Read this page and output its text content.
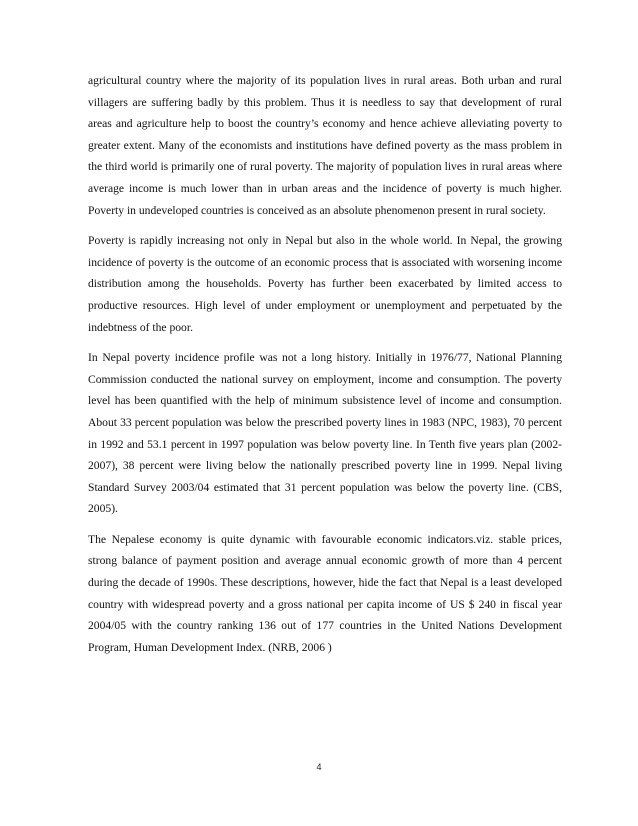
agricultural country where the majority of its population lives in rural areas. Both urban and rural villagers are suffering badly by this problem. Thus it is needless to say that development of rural areas and agriculture help to boost the country’s economy and hence achieve alleviating poverty to greater extent. Many of the economists and institutions have defined poverty as the mass problem in the third world is primarily one of rural poverty. The majority of population lives in rural areas where average income is much lower than in urban areas and the incidence of poverty is much higher. Poverty in undeveloped countries is conceived as an absolute phenomenon present in rural society.

Poverty is rapidly increasing not only in Nepal but also in the whole world. In Nepal, the growing incidence of poverty is the outcome of an economic process that is associated with worsening income distribution among the households. Poverty has further been exacerbated by limited access to productive resources. High level of under employment or unemployment and perpetuated by the indebtness of the poor.

In Nepal poverty incidence profile was not a long history. Initially in 1976/77, National Planning Commission conducted the national survey on employment, income and consumption. The poverty level has been quantified with the help of minimum subsistence level of income and consumption. About 33 percent population was below the prescribed poverty lines in 1983 (NPC, 1983), 70 percent in 1992 and 53.1 percent in 1997 population was below poverty line. In Tenth five years plan (2002-2007), 38 percent were living below the nationally prescribed poverty line in 1999. Nepal living Standard Survey 2003/04 estimated that 31 percent population was below the poverty line. (CBS, 2005).

The Nepalese economy is quite dynamic with favourable economic indicators.viz. stable prices, strong balance of payment position and average annual economic growth of more than 4 percent during the decade of 1990s. These descriptions, however, hide the fact that Nepal is a least developed country with widespread poverty and a gross national per capita income of US $ 240 in fiscal year 2004/05 with the country ranking 136 out of 177 countries in the United Nations Development Program, Human Development Index. (NRB, 2006 )

4
